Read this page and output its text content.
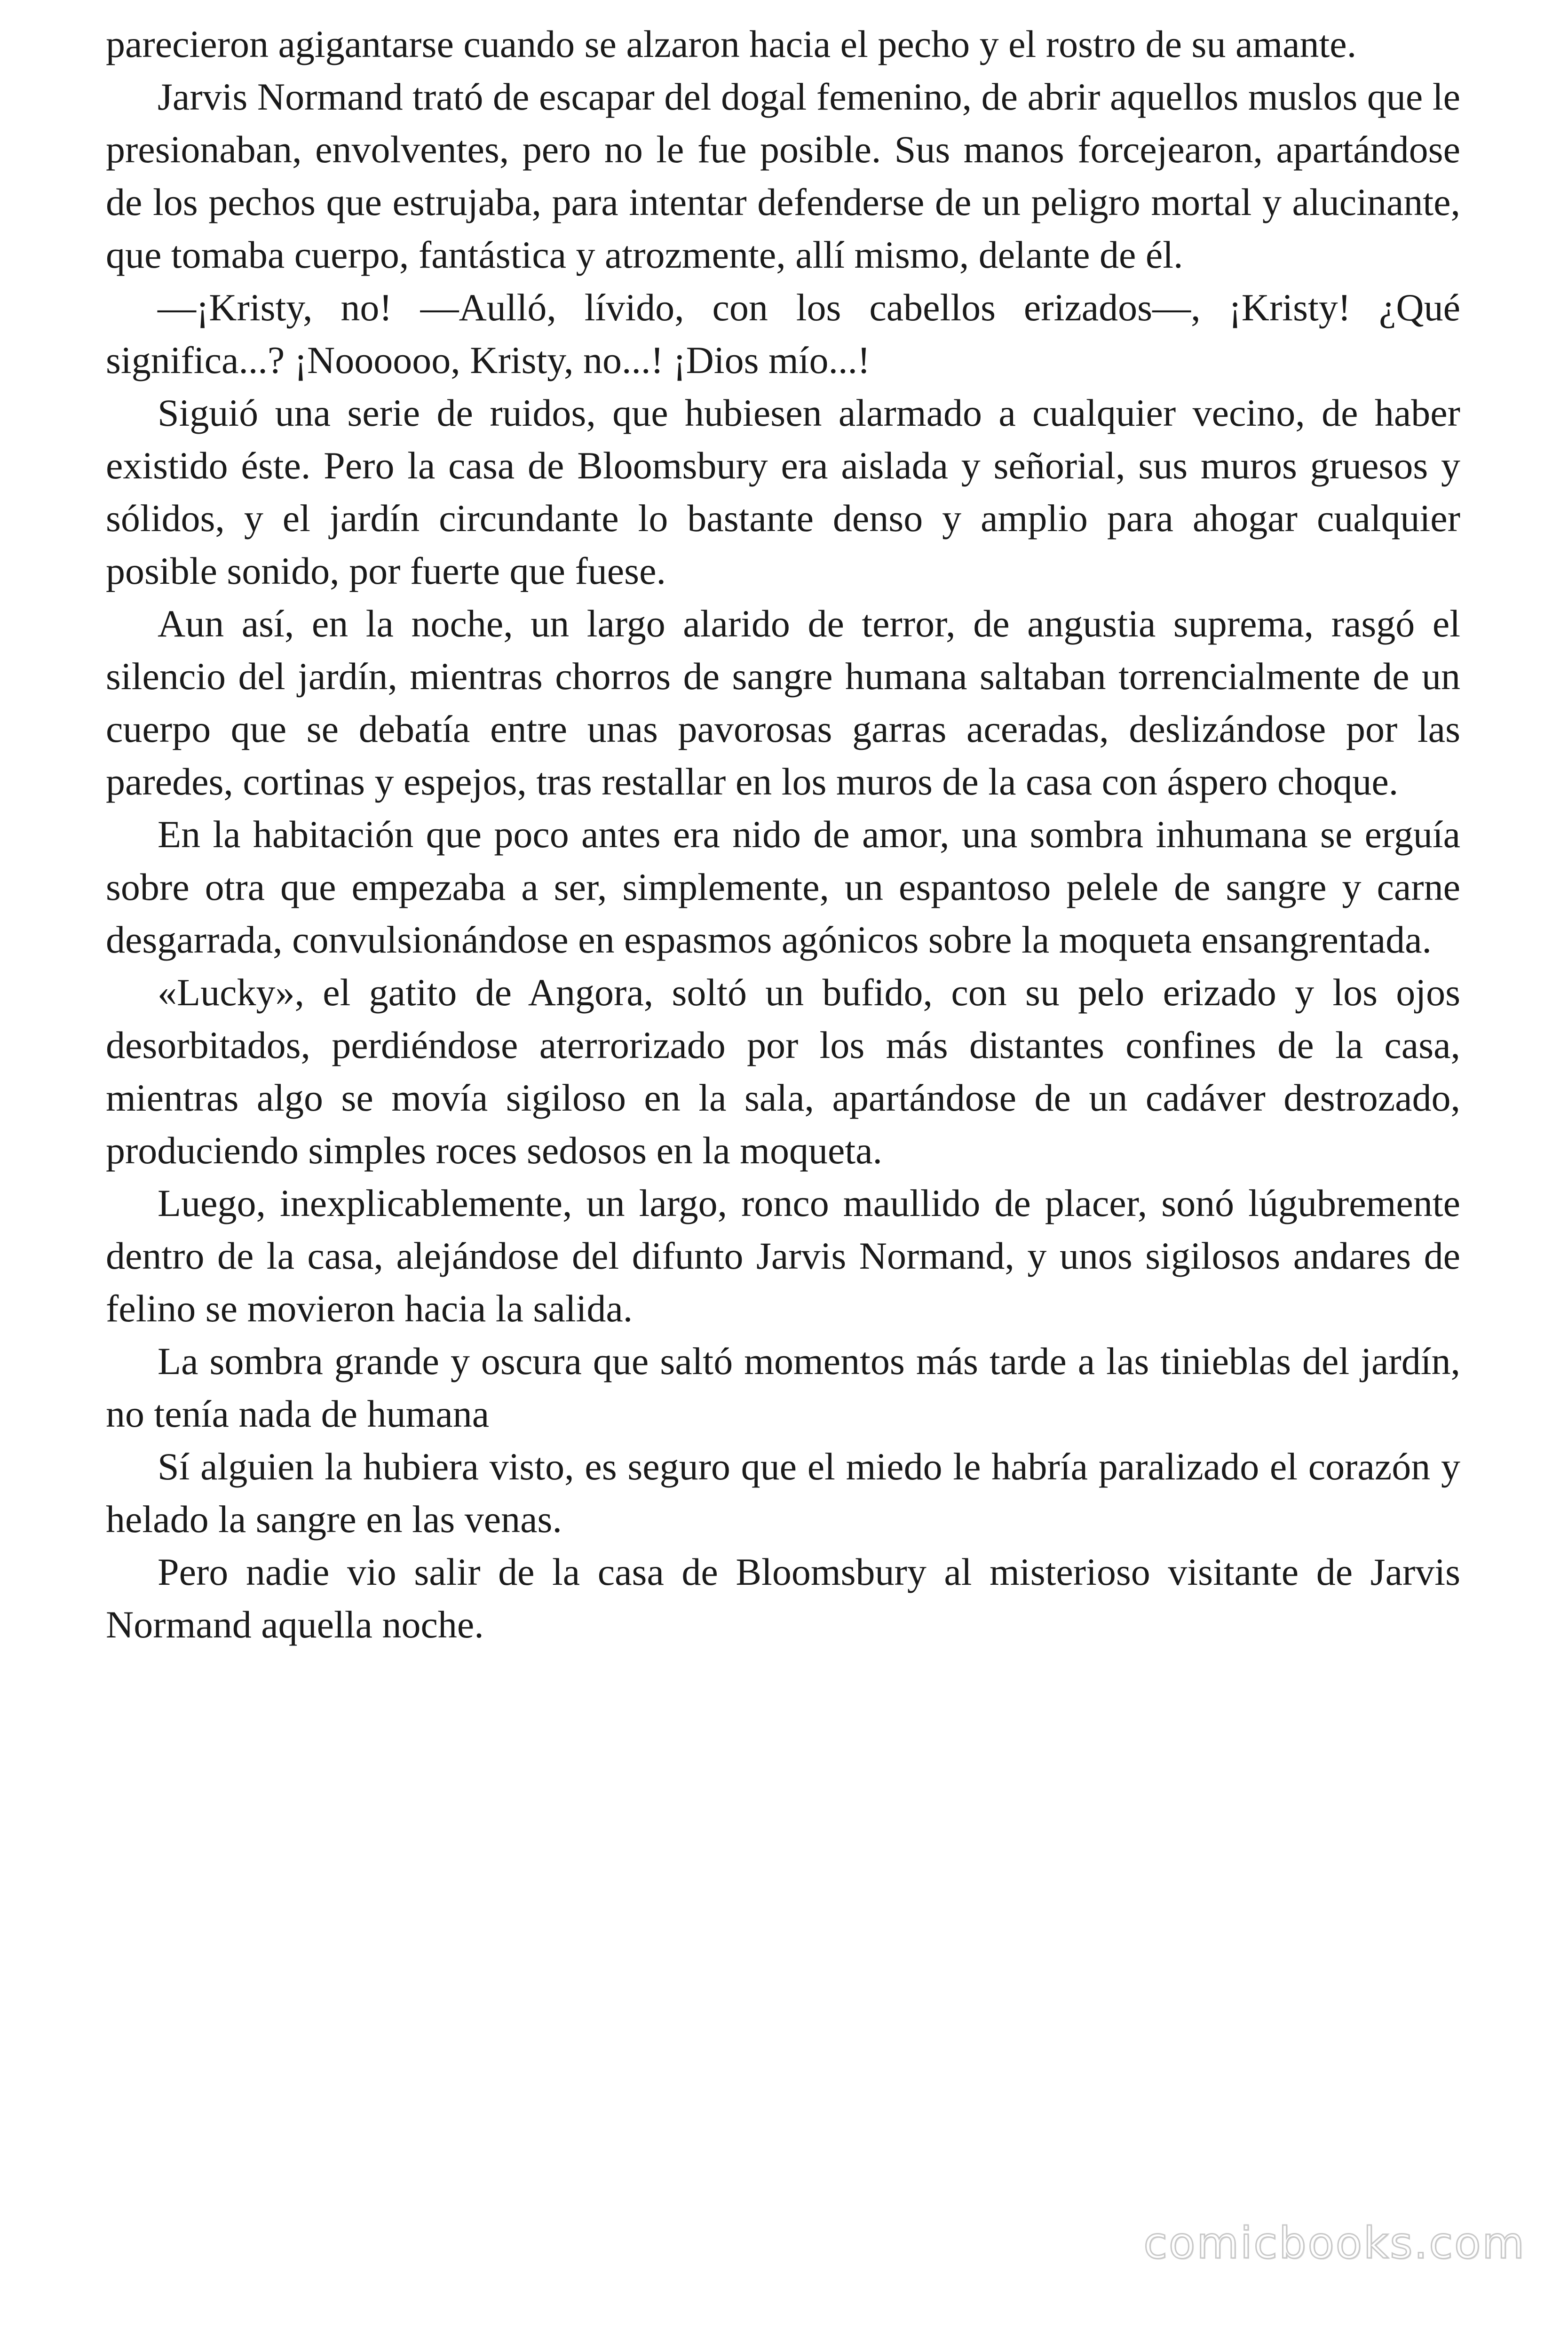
parecieron agigantarse cuando se alzaron hacia el pecho y el rostro de su amante.

Jarvis Normand trató de escapar del dogal femenino, de abrir aquellos muslos que le presionaban, envolventes, pero no le fue posible. Sus manos forcejearon, apartándose de los pechos que estrujaba, para intentar defenderse de un peligro mortal y alucinante, que tomaba cuerpo, fantástica y atrozmente, allí mismo, delante de él.

—¡Kristy, no! —Aulló, lívido, con los cabellos erizados—, ¡Kristy! ¿Qué significa...? ¡Noooooo, Kristy, no...! ¡Dios mío...!

Siguió una serie de ruidos, que hubiesen alarmado a cualquier vecino, de haber existido éste. Pero la casa de Bloomsbury era aislada y señorial, sus muros gruesos y sólidos, y el jardín circundante lo bastante denso y amplio para ahogar cualquier posible sonido, por fuerte que fuese.

Aun así, en la noche, un largo alarido de terror, de angustia suprema, rasgó el silencio del jardín, mientras chorros de sangre humana saltaban torrencialmente de un cuerpo que se debatía entre unas pavorosas garras aceradas, deslizándose por las paredes, cortinas y espejos, tras restallar en los muros de la casa con áspero choque.

En la habitación que poco antes era nido de amor, una sombra inhumana se erguía sobre otra que empezaba a ser, simplemente, un espantoso pelele de sangre y carne desgarrada, convulsionándose en espasmos agónicos sobre la moqueta ensangrentada.

«Lucky», el gatito de Angora, soltó un bufido, con su pelo erizado y los ojos desorbitados, perdiéndose aterrorizado por los más distantes confines de la casa, mientras algo se movía sigiloso en la sala, apartándose de un cadáver destrozado, produciendo simples roces sedosos en la moqueta.

Luego, inexplicablemente, un largo, ronco maullido de placer, sonó lúgubremente dentro de la casa, alejándose del difunto Jarvis Normand, y unos sigilosos andares de felino se movieron hacia la salida.

La sombra grande y oscura que saltó momentos más tarde a las tinieblas del jardín, no tenía nada de humana

Sí alguien la hubiera visto, es seguro que el miedo le habría paralizado el corazón y helado la sangre en las venas.

Pero nadie vio salir de la casa de Bloomsbury al misterioso visitante de Jarvis Normand aquella noche.

comicbooks.com
